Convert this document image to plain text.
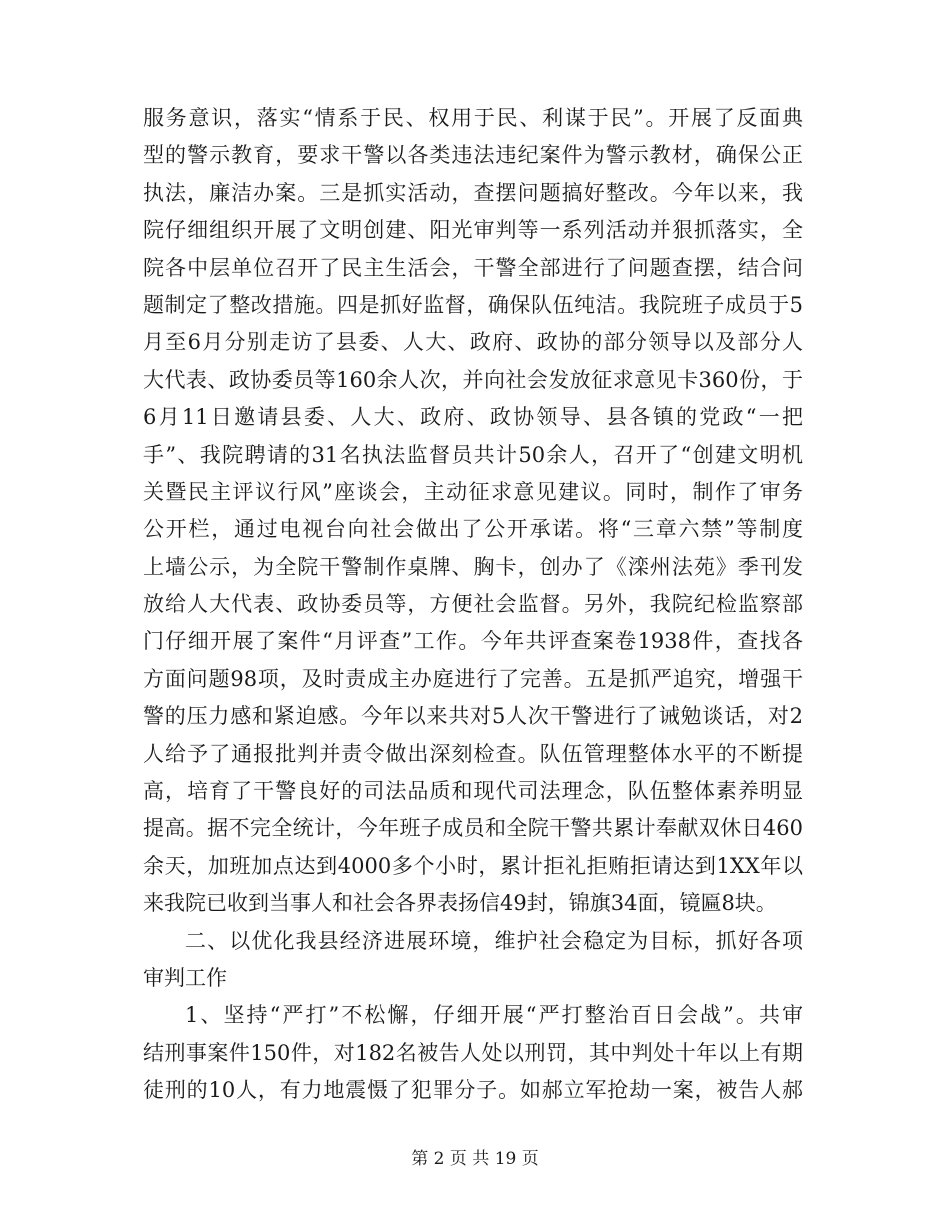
服务意识，落实“情系于民、权用于民、利谋于民”。开展了反面典
型的警示教育，要求干警以各类违法违纪案件为警示教材，确保公正
执法，廉洁办案。三是抓实活动，查摆问题搞好整改。今年以来，我
院仔细组织开展了文明创建、阳光审判等一系列活动并狠抓落实，全
院各中层单位召开了民主生活会，干警全部进行了问题查摆，结合问
题制定了整改措施。四是抓好监督，确保队伍纯洁。我院班子成员于5
月至6月分别走访了县委、人大、政府、政协的部分领导以及部分人
大代表、政协委员等160余人次，并向社会发放征求意见卡360份，于
6月11日邀请县委、人大、政府、政协领导、县各镇的党政“一把
手”、我院聘请的31名执法监督员共计50余人，召开了“创建文明机
关暨民主评议行风”座谈会，主动征求意见建议。同时，制作了审务
公开栏，通过电视台向社会做出了公开承诺。将“三章六禁”等制度
上墙公示，为全院干警制作桌牌、胸卡，创办了《滦州法苑》季刊发
放给人大代表、政协委员等，方便社会监督。另外，我院纪检监察部
门仔细开展了案件“月评查”工作。今年共评查案卷1938件，查找各
方面问题98项，及时责成主办庭进行了完善。五是抓严追究，增强干
警的压力感和紧迫感。今年以来共对5人次干警进行了诫勉谈话，对2
人给予了通报批判并责令做出深刻检查。队伍管理整体水平的不断提
高，培育了干警良好的司法品质和现代司法理念，队伍整体素养明显
提高。据不完全统计，今年班子成员和全院干警共累计奉献双休日460
余天，加班加点达到4000多个小时，累计拒礼拒贿拒请达到1XX年以
来我院已收到当事人和社会各界表扬信49封，锦旗34面，镜匾8块。
二、以优化我县经济进展环境，维护社会稳定为目标，抓好各项
审判工作
1、坚持“严打”不松懈，仔细开展“严打整治百日会战”。共审
结刑事案件150件，对182名被告人处以刑罚，其中判处十年以上有期
徒刑的10人，有力地震慑了犯罪分子。如郝立军抢劫一案，被告人郝
第 2 页 共 19 页
